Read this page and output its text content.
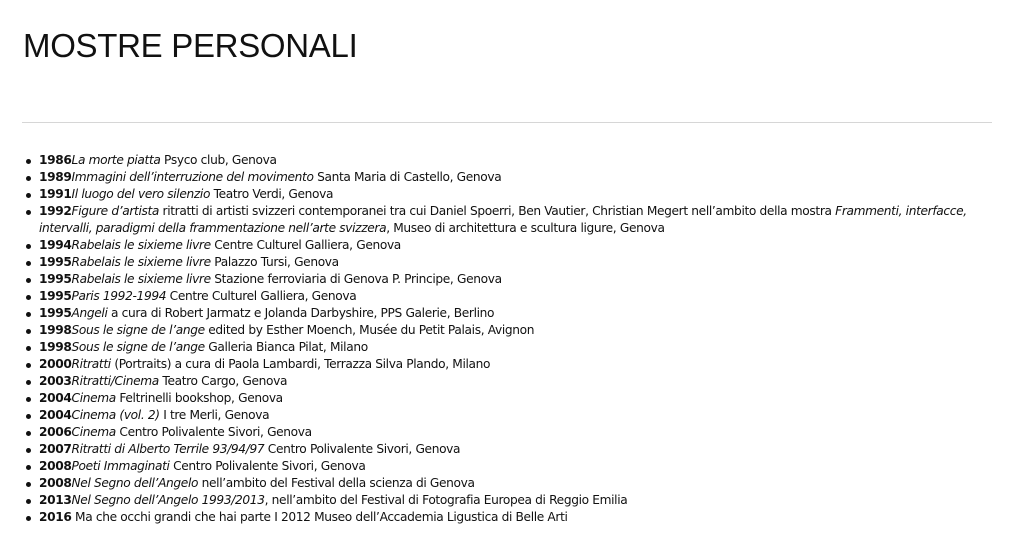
MOSTRE PERSONALI
1986La morte piatta Psyco club, Genova
1989Immagini dell’interruzione del movimento Santa Maria di Castello, Genova
1991Il luogo del vero silenzio Teatro Verdi, Genova
1992Figure d’artista ritratti di artisti svizzeri contemporanei tra cui Daniel Spoerri, Ben Vautier, Christian Megert nell’ambito della mostra Frammenti, interfacce, intervalli, paradigmi della frammentazione nell’arte svizzera, Museo di architettura e scultura ligure, Genova
1994Rabelais le sixieme livre Centre Culturel Galliera, Genova
1995Rabelais le sixieme livre Palazzo Tursi, Genova
1995Rabelais le sixieme livre Stazione ferroviaria di Genova P. Principe, Genova
1995Paris 1992-1994 Centre Culturel Galliera, Genova
1995Angeli a cura di Robert Jarmatz e Jolanda Darbyshire, PPS Galerie, Berlino
1998Sous le signe de l’ange edited by Esther Moench, Musée du Petit Palais, Avignon
1998Sous le signe de l’ange Galleria Bianca Pilat, Milano
2000Ritratti (Portraits) a cura di Paola Lambardi, Terrazza Silva Plando, Milano
2003Ritratti/Cinema Teatro Cargo, Genova
2004Cinema Feltrinelli bookshop, Genova
2004Cinema (vol. 2) I tre Merli, Genova
2006Cinema Centro Polivalente Sivori, Genova
2007Ritratti di Alberto Terrile 93/94/97 Centro Polivalente Sivori, Genova
2008Poeti Immaginati Centro Polivalente Sivori, Genova
2008Nel Segno dell’Angelo nell’ambito del Festival della scienza di Genova
2013Nel Segno dell’Angelo 1993/2013, nell’ambito del Festival di Fotografia Europea di Reggio Emilia
2016 Ma che occhi grandi che hai parte I 2012 Museo dell’Accademia Ligustica di Belle Arti
